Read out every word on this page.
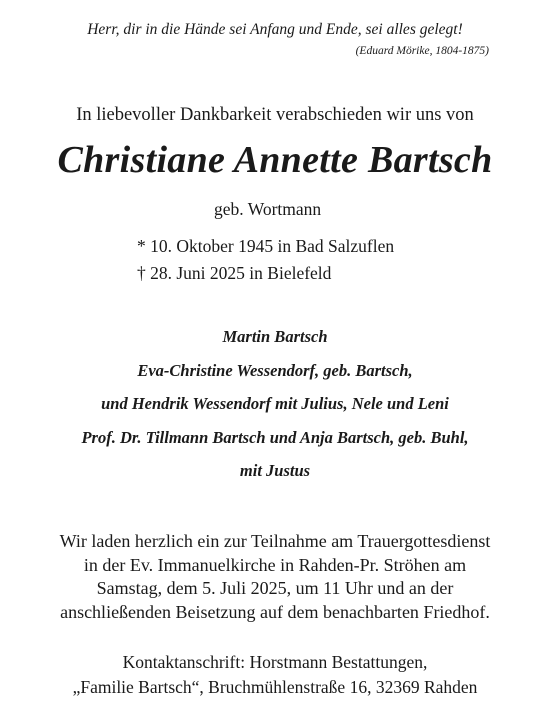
Herr, dir in die Hände sei Anfang und Ende, sei alles gelegt!
(Eduard Mörike, 1804-1875)
In liebevoller Dankbarkeit verabschieden wir uns von
Christiane Annette Bartsch
geb. Wortmann
* 10. Oktober 1945 in Bad Salzuflen
† 28. Juni 2025 in Bielefeld
Martin Bartsch
Eva-Christine Wessendorf, geb. Bartsch,
und Hendrik Wessendorf mit Julius, Nele und Leni
Prof. Dr. Tillmann Bartsch und Anja Bartsch, geb. Buhl,
mit Justus
Wir laden herzlich ein zur Teilnahme am Trauergottesdienst
in der Ev. Immanuelkirche in Rahden-Pr. Ströhen am
Samstag, dem 5. Juli 2025, um 11 Uhr und an der
anschließenden Beisetzung auf dem benachbarten Friedhof.
Kontaktanschrift: Horstmann Bestattungen,
„Familie Bartsch“, Bruchmühlenstraße 16, 32369 Rahden
